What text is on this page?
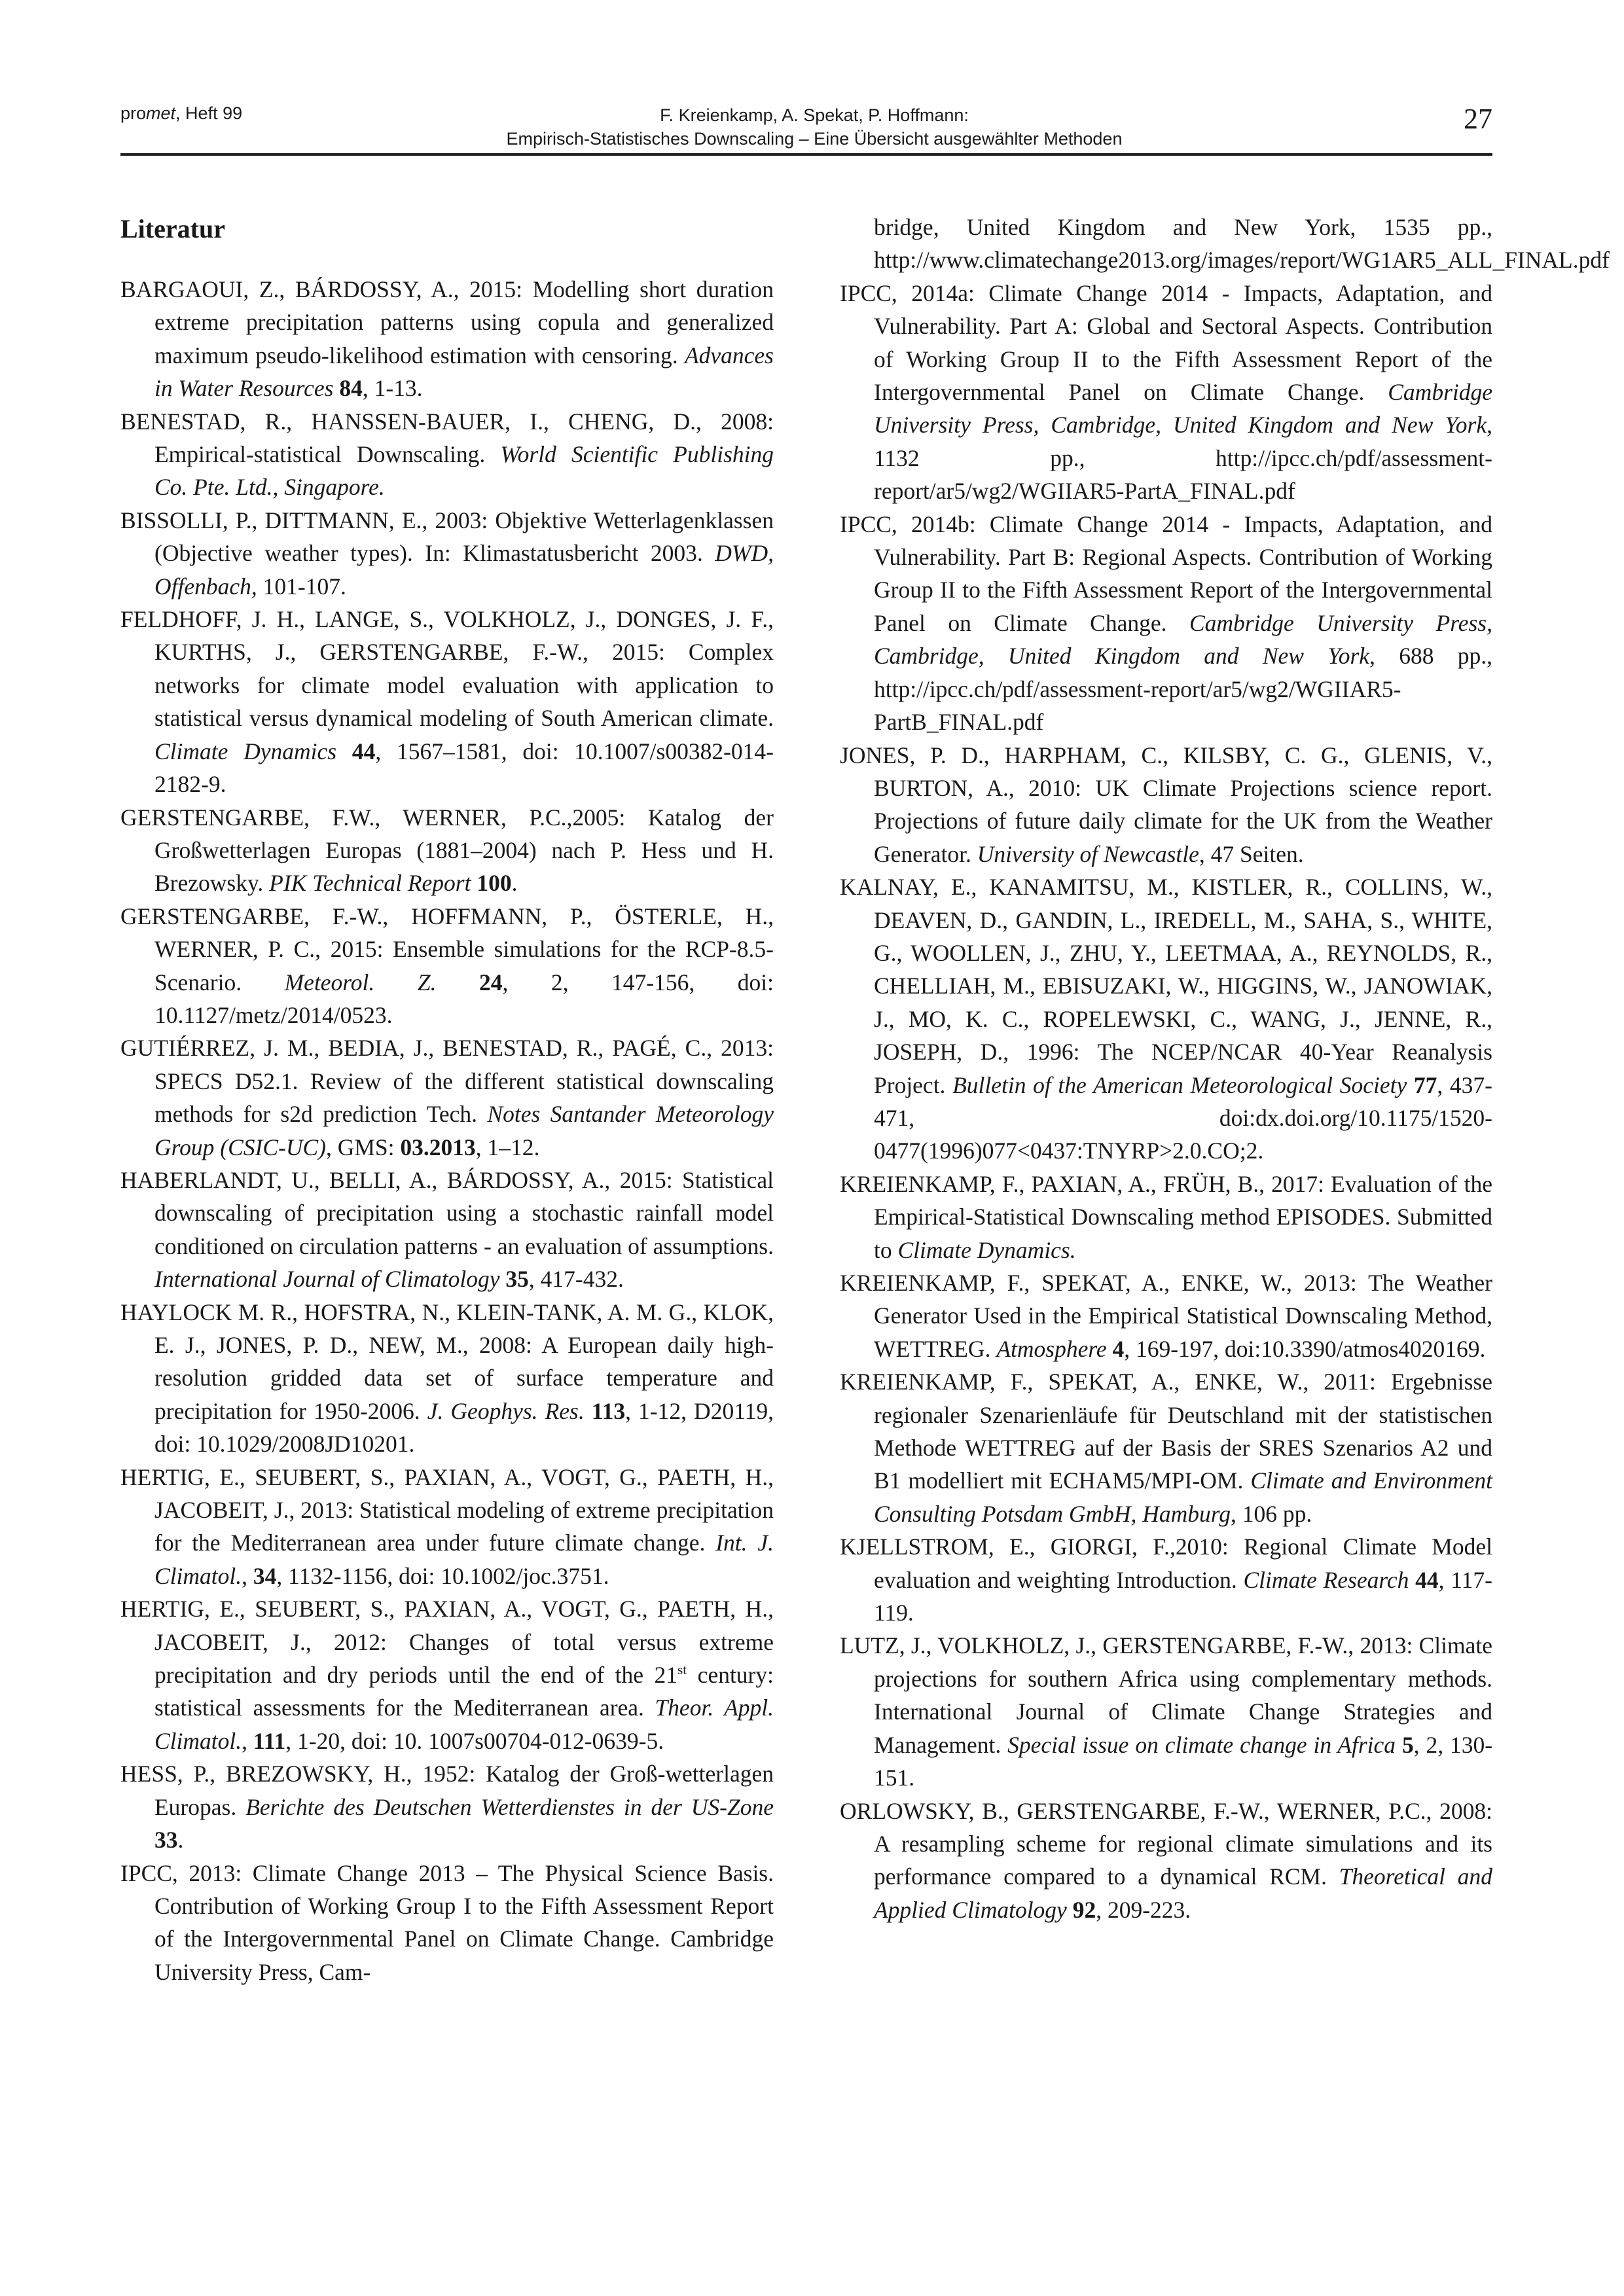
promet, Heft 99	F. Kreienkamp, A. Spekat, P. Hoffmann:
Empirisch-Statistisches Downscaling – Eine Übersicht ausgewählter Methoden
27
Literatur

BARGAOUI, Z., BÁRDOSSY, A., 2015: Modelling short duration extreme precipitation patterns using copula and generalized maximum pseudo-likelihood estimation with censoring. Advances in Water Resources 84, 1-13.

BENESTAD, R., HANSSEN-BAUER, I., CHENG, D., 2008: Empirical-statistical Downscaling. World Scientific Publishing Co. Pte. Ltd., Singapore.

BISSOLLI, P., DITTMANN, E., 2003: Objektive Wetterlagenklassen (Objective weather types). In: Klimastatusbericht 2003. DWD, Offenbach, 101-107.

FELDHOFF, J. H., LANGE, S., VOLKHOLZ, J., DONGES, J. F., KURTHS, J., GERSTENGARBE, F.-W., 2015: Complex networks for climate model evaluation with application to statistical versus dynamical modeling of South American climate. Climate Dynamics 44, 1567–1581, doi: 10.1007/s00382-014-2182-9.

GERSTENGARBE, F.W., WERNER, P.C.,2005: Katalog der Großwetterlagen Europas (1881–2004) nach P. Hess und H. Brezowsky. PIK Technical Report 100.

GERSTENGARBE, F.-W., HOFFMANN, P., ÖSTERLE, H., WERNER, P. C., 2015: Ensemble simulations for the RCP-8.5-Scenario. Meteorol. Z. 24, 2, 147-156, doi: 10.1127/metz/2014/0523.

GUTIÉRREZ, J. M., BEDIA, J., BENESTAD, R., PAGÉ, C., 2013: SPECS D52.1. Review of the different statistical downscaling methods for s2d prediction Tech. Notes Santander Meteorology Group (CSIC-UC), GMS: 03.2013, 1–12.

HABERLANDT, U., BELLI, A., BÁRDOSSY, A., 2015: Statistical downscaling of precipitation using a stochastic rainfall model conditioned on circulation patterns - an evaluation of assumptions. International Journal of Climatology 35, 417-432.

HAYLOCK M. R., HOFSTRA, N., KLEIN-TANK, A. M. G., KLOK, E. J., JONES, P. D., NEW, M., 2008: A European daily high-resolution gridded data set of surface temperature and precipitation for 1950-2006. J. Geophys. Res. 113, 1-12, D20119, doi: 10.1029/2008JD10201.

HERTIG, E., SEUBERT, S., PAXIAN, A., VOGT, G., PAETH, H., JACOBEIT, J., 2013: Statistical modeling of extreme precipitation for the Mediterranean area under future climate change. Int. J. Climatol., 34, 1132-1156, doi: 10.1002/joc.3751.

HERTIG, E., SEUBERT, S., PAXIAN, A., VOGT, G., PAETH, H., JACOBEIT, J., 2012: Changes of total versus extreme precipitation and dry periods until the end of the 21st century: statistical assessments for the Mediterranean area. Theor. Appl. Climatol., 111, 1-20, doi: 10. 1007s00704-012-0639-5.

HESS, P., BREZOWSKY, H., 1952: Katalog der Groß-wetterlagen Europas. Berichte des Deutschen Wetterdienstes in der US-Zone 33.

IPCC, 2013: Climate Change 2013 – The Physical Science Basis. Contribution of Working Group I to the Fifth Assessment Report of the Intergovernmental Panel on Climate Change. Cambridge University Press, Cam-

bridge, United Kingdom and New York, 1535 pp., http://www.climatechange2013.org/images/report/WG1AR5_ALL_FINAL.pdf

IPCC, 2014a: Climate Change 2014 - Impacts, Adaptation, and Vulnerability. Part A: Global and Sectoral Aspects. Contribution of Working Group II to the Fifth Assessment Report of the Intergovernmental Panel on Climate Change. Cambridge University Press, Cambridge, United Kingdom and New York, 1132 pp., http://ipcc.ch/pdf/assessment-report/ar5/wg2/WGIIAR5-PartA_FINAL.pdf

IPCC, 2014b: Climate Change 2014 - Impacts, Adaptation, and Vulnerability. Part B: Regional Aspects. Contribution of Working Group II to the Fifth Assessment Report of the Intergovernmental Panel on Climate Change. Cambridge University Press, Cambridge, United Kingdom and New York, 688 pp., http://ipcc.ch/pdf/assessment-report/ar5/wg2/WGIIAR5-PartB_FINAL.pdf

JONES, P. D., HARPHAM, C., KILSBY, C. G., GLENIS, V., BURTON, A., 2010: UK Climate Projections science report. Projections of future daily climate for the UK from the Weather Generator. University of Newcastle, 47 Seiten.

KALNAY, E., KANAMITSU, M., KISTLER, R., COLLINS, W., DEAVEN, D., GANDIN, L., IREDELL, M., SAHA, S., WHITE, G., WOOLLEN, J., ZHU, Y., LEETMAA, A., REYNOLDS, R., CHELLIAH, M., EBISUZAKI, W., HIGGINS, W., JANOWIAK, J., MO, K. C., ROPELEWSKI, C., WANG, J., JENNE, R., JOSEPH, D., 1996: The NCEP/NCAR 40-Year Reanalysis Project. Bulletin of the American Meteorological Society 77, 437-471, doi:dx.doi.org/10.1175/1520-0477(1996)077<0437:TNYRP>2.0.CO;2.

KREIENKAMP, F., PAXIAN, A., FRÜH, B., 2017: Evaluation of the Empirical-Statistical Downscaling method EPISODES. Submitted to Climate Dynamics.

KREIENKAMP, F., SPEKAT, A., ENKE, W., 2013: The Weather Generator Used in the Empirical Statistical Downscaling Method, WETTREG. Atmosphere 4, 169-197, doi:10.3390/atmos4020169.

KREIENKAMP, F., SPEKAT, A., ENKE, W., 2011: Ergebnisse regionaler Szenarienläufe für Deutschland mit der statistischen Methode WETTREG auf der Basis der SRES Szenarios A2 und B1 modelliert mit ECHAM5/MPI-OM. Climate and Environment Consulting Potsdam GmbH, Hamburg, 106 pp.

KJELLSTROM, E., GIORGI, F.,2010: Regional Climate Model evaluation and weighting Introduction. Climate Research 44, 117-119.

LUTZ, J., VOLKHOLZ, J., GERSTENGARBE, F.-W., 2013: Climate projections for southern Africa using complementary methods. International Journal of Climate Change Strategies and Management. Special issue on climate change in Africa 5, 2, 130-151.

ORLOWSKY, B., GERSTENGARBE, F.-W., WERNER, P.C., 2008: A resampling scheme for regional climate simulations and its performance compared to a dynamical RCM. Theoretical and Applied Climatology 92, 209-223.
